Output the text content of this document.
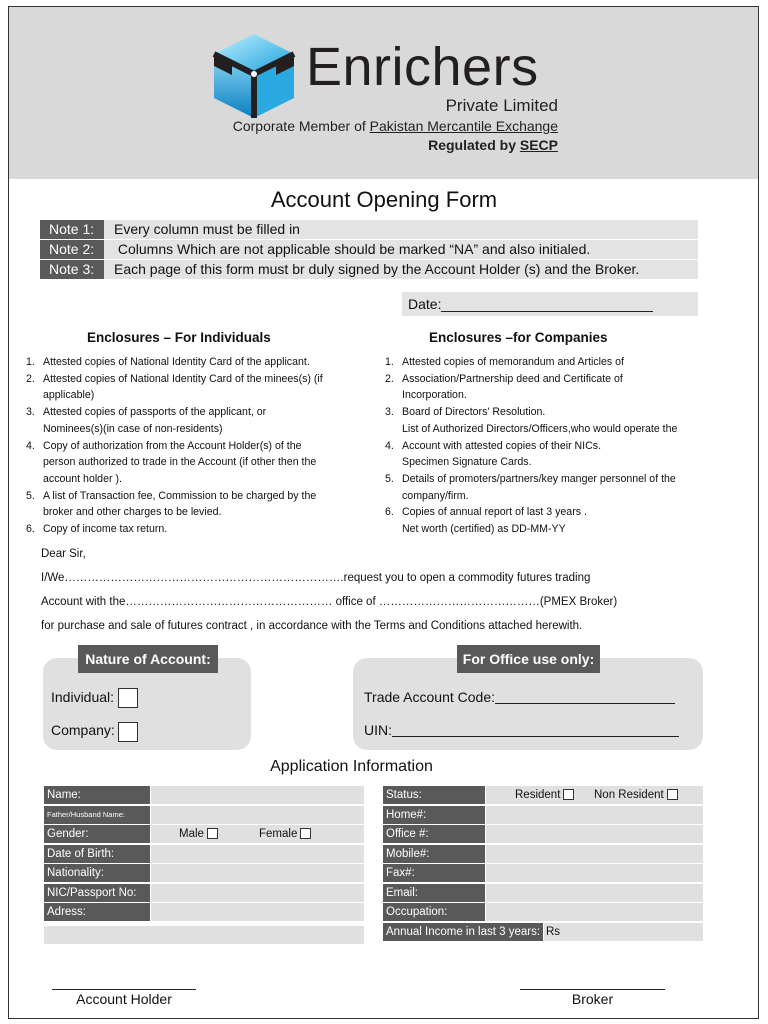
Enrichers
Private Limited
Corporate Member of Pakistan Mercantile Exchange
Regulated by SECP
Account Opening Form
Note 1: Every column must be filled in
Note 2: Columns Which are not applicable should be marked “NA” and also initialed.
Note 3: Each page of this form must br duly signed by the Account Holder (s) and the Broker.
Date:
Enclosures – For Individuals
1. Attested copies of National Identity Card of the applicant.
2. Attested copies of National Identity Card of the minees(s) (if
applicable)
3. Attested copies of passports of the applicant, or
Nominees(s)(in case of non-residents)
4. Copy of authorization from the Account Holder(s) of the
person authorized to trade in the Account (if other then the
account holder ).
5. A list of Transaction fee, Commission to be charged by the
broker and other charges to be levied.
6. Copy of income tax return.
Enclosures –for Companies
1. Attested copies of memorandum and Articles of
2. Association/Partnership deed and Certificate of
Incorporation.
3. Board of Directors' Resolution.
List of Authorized Directors/Officers,who would operate the
4. Account with attested copies of their NICs.
Specimen Signature Cards.
5. Details of promoters/partners/key manger personnel of the
company/firm.
6. Copies of annual report of last 3 years .
Net worth (certified) as DD-MM-YY
Dear Sir,
I/We……………………………………………………………….request you to open a commodity futures trading
Account with the……………………………………………… office of ……………………………………(PMEX Broker)
for purchase and sale of futures contract , in accordance with the Terms and Conditions attached herewith.
Nature of Account:
Individual:
Company:
For Office use only:
Trade Account Code:
UIN:
Application Information
Name:
Father/Husband Name:
Gender:	Male	Female
Date of Birth:
Nationality:
NIC/Passport No:
Adress:
Status:	Resident	Non Resident
Home#:
Office #:
Mobile#:
Fax#:
Email:
Occupation:
Annual Income in last 3 years: Rs
Account Holder	Broker
